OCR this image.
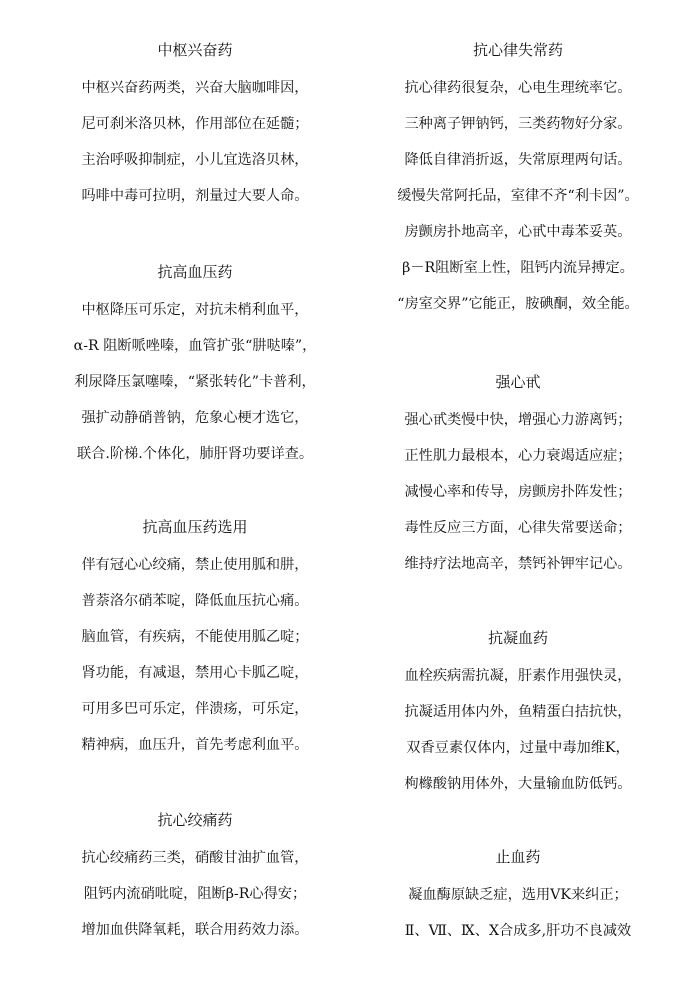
中枢兴奋药
中枢兴奋药两类，兴奋大脑咖啡因，
尼可刹米洛贝林，作用部位在延髓；
主治呼吸抑制症，小儿宜选洛贝林，
吗啡中毒可拉明，剂量过大要人命。
抗高血压药
中枢降压可乐定，对抗未梢利血平，
α-R 阻断哌唑嗪，血管扩张“肼哒嗪”，
利尿降压氯噻嗪，“紧张转化”卡普利，
强扩动静硝普钠，危象心梗才选它，
联合.阶梯.个体化，肺肝肾功要详查。
抗高血压药选用
伴有冠心心绞痛，禁止使用胍和肼，
普萘洛尔硝苯啶，降低血压抗心痛。
脑血管，有疾病，不能使用胍乙啶；
肾功能，有减退，禁用心卡胍乙啶，
可用多巴可乐定，伴溃疡，可乐定，
精神病，血压升，首先考虑利血平。
抗心绞痛药
抗心绞痛药三类，硝酸甘油扩血管，
阻钙内流硝吡啶，阻断β-R心得安；
增加血供降氧耗，联合用药效力添。
抗心律失常药
抗心律药很复杂，心电生理统率它。
三种离子钾钠钙，三类药物好分家。
降低自律消折返，失常原理两句话。
缓慢失常阿托品，室律不齐“利卡因”。
房颤房扑地高辛，心甙中毒苯妥英。
β－R阻断室上性，阻钙内流异搏定。
“房室交界”它能正，胺碘酮，效全能。
强心甙
强心甙类慢中快，增强心力游离钙；
正性肌力最根本，心力衰竭适应症；
减慢心率和传导，房颤房扑阵发性；
毒性反应三方面，心律失常要送命；
维持疗法地高辛，禁钙补钾牢记心。
抗凝血药
血栓疾病需抗凝，肝素作用强快灵，
抗凝适用体内外，鱼精蛋白拮抗快，
双香豆素仅体内，过量中毒加维K，
枸橼酸钠用体外，大量输血防低钙。
止血药
凝血酶原缺乏症，选用VK来纠正；
Ⅱ、Ⅶ、Ⅸ、Ⅹ合成多,肝功不良减效
